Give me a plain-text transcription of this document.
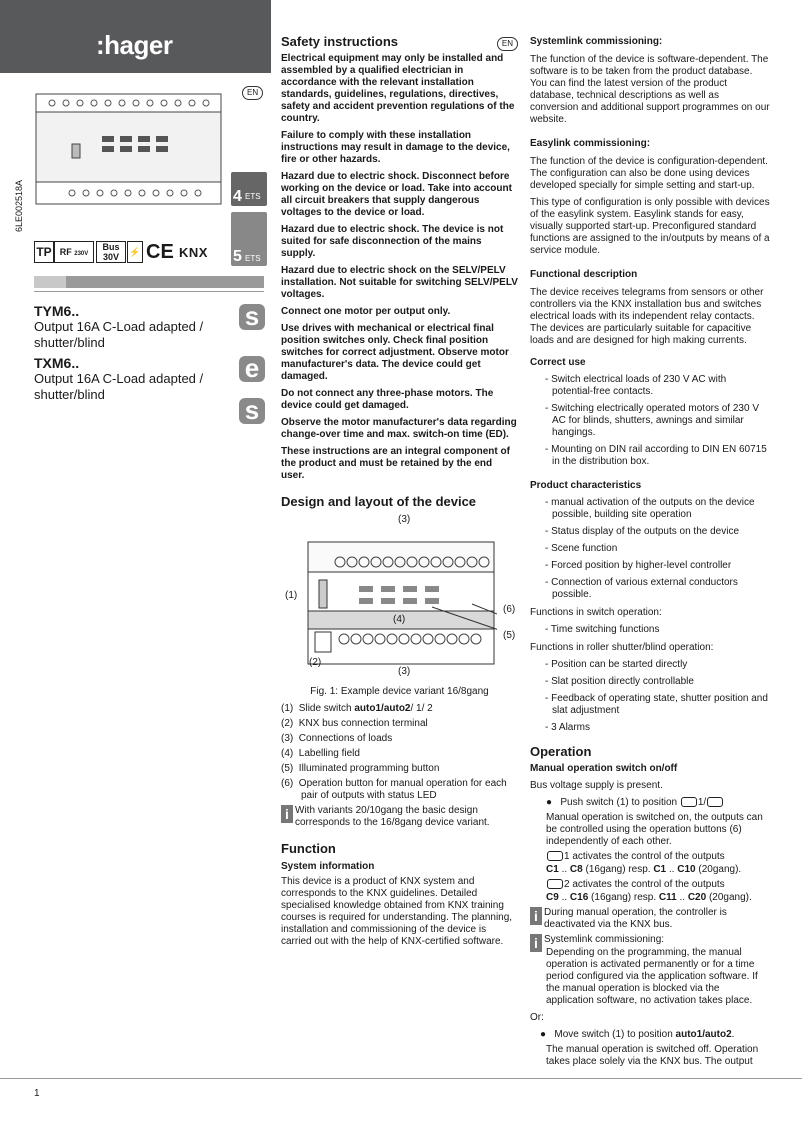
:hager
EN
6LE002518A
TP RF 230V
Bus
30V	⚡ CE KNX
4 ETS
5 ETS
TYM6..
Output 16A C-Load adapted / shutter/blind
TXM6..
Output 16A C-Load adapted / shutter/blind
s
e
s
Safety instructions	EN

Electrical equipment may only be installed and assembled by a qualified electrician in accordance with the relevant installation standards, guidelines, regulations, directives, safety and accident prevention regulations of the country.

Failure to comply with these installation instructions may result in damage to the device, fire or other hazards.

Hazard due to electric shock. Disconnect before working on the device or load. Take into account all circuit breakers that supply dangerous voltages to the device or load.

Hazard due to electric shock. The device is not suited for safe disconnection of the mains supply.

Hazard due to electric shock on the SELV/PELV installation. Not suitable for switching SELV/PELV voltages.

Connect one motor per output only.

Use drives with mechanical or electrical final position switches only. Check final position switches for correct adjustment. Observe motor manufacturer's data. The device could get damaged.

Do not connect any three-phase motors. The device could get damaged.

Observe the motor manufacturer's data regarding change-over time and max. switch-on time (ED).

These instructions are an integral component of the product and must be retained by the end user.

Design and layout of the device
(3)
(1)
(4)
(6)
(5)
(2)
(3)

Fig. 1: Example device variant 16/8gang

(1) Slide switch auto1/auto2/ 1/ 2

(2) KNX bus connection terminal

(3) Connections of loads

(4) Labelling field

(5) Illuminated programming button

(6) Operation button for manual operation for each pair of outputs with status LED

i With variants 20/10gang the basic design corresponds to the 16/8gang device variant.

Function
System information

This device is a product of KNX system and corresponds to the KNX guidelines. Detailed specialised knowledge obtained from KNX training courses is required for understanding. The planning, installation and commissioning of the device is carried out with the help of KNX-certified software.

Systemlink commissioning:

The function of the device is software-dependent. The software is to be taken from the product database. You can find the latest version of the product database, technical descriptions as well as conversion and additional support programmes on our website.

Easylink commissioning:

The function of the device is configuration-dependent. The configuration can also be done using devices developed specially for simple setting and start-up.

This type of configuration is only possible with devices of the easylink system. Easylink stands for easy, visually supported start-up. Preconfigured standard functions are assigned to the in/outputs by means of a service module.

Functional description

The device receives telegrams from sensors or other controllers via the KNX installation bus and switches electrical loads with its independent relay contacts. The devices are particularly suitable for capacitive loads and are designed for high making currents.

Correct use

- Switch electrical loads of 230 V AC with potential-free contacts.

- Switching electrically operated motors of 230 V AC for blinds, shutters, awnings and similar hangings.

- Mounting on DIN rail according to DIN EN 60715 in the distribution box.

Product characteristics

- manual activation of the outputs on the device possible, building site operation

- Status display of the outputs on the device

- Scene function

- Forced position by higher-level controller

- Connection of various external conductors possible.

Functions in switch operation:

- Time switching functions

Functions in roller shutter/blind operation:

- Position can be started directly

- Slat position directly controllable

- Feedback of operating state, shutter position and slat adjustment

- 3 Alarms

Operation
Manual operation switch on/off

Bus voltage supply is present.

●   Push switch (1) to position 1/

Manual operation is switched on, the outputs can be controlled using the operation buttons (6) independently of each other.

1 activates the control of the outputs

C1 .. C8 (16gang) resp. C1 .. C10 (20gang).

2 activates the control of the outputs

C9 .. C16 (16gang) resp. C11 .. C20 (20gang).

i During manual operation, the controller is deactivated via the KNX bus.

i Systemlink commissioning:

Depending on the programming, the manual operation is activated permanently or for a time period configured via the application software. If the manual operation is blocked via the application software, no activation takes place.

Or:

●   Move switch (1) to position auto1/auto2.

The manual operation is switched off. Operation takes place solely via the KNX bus. The output

1
